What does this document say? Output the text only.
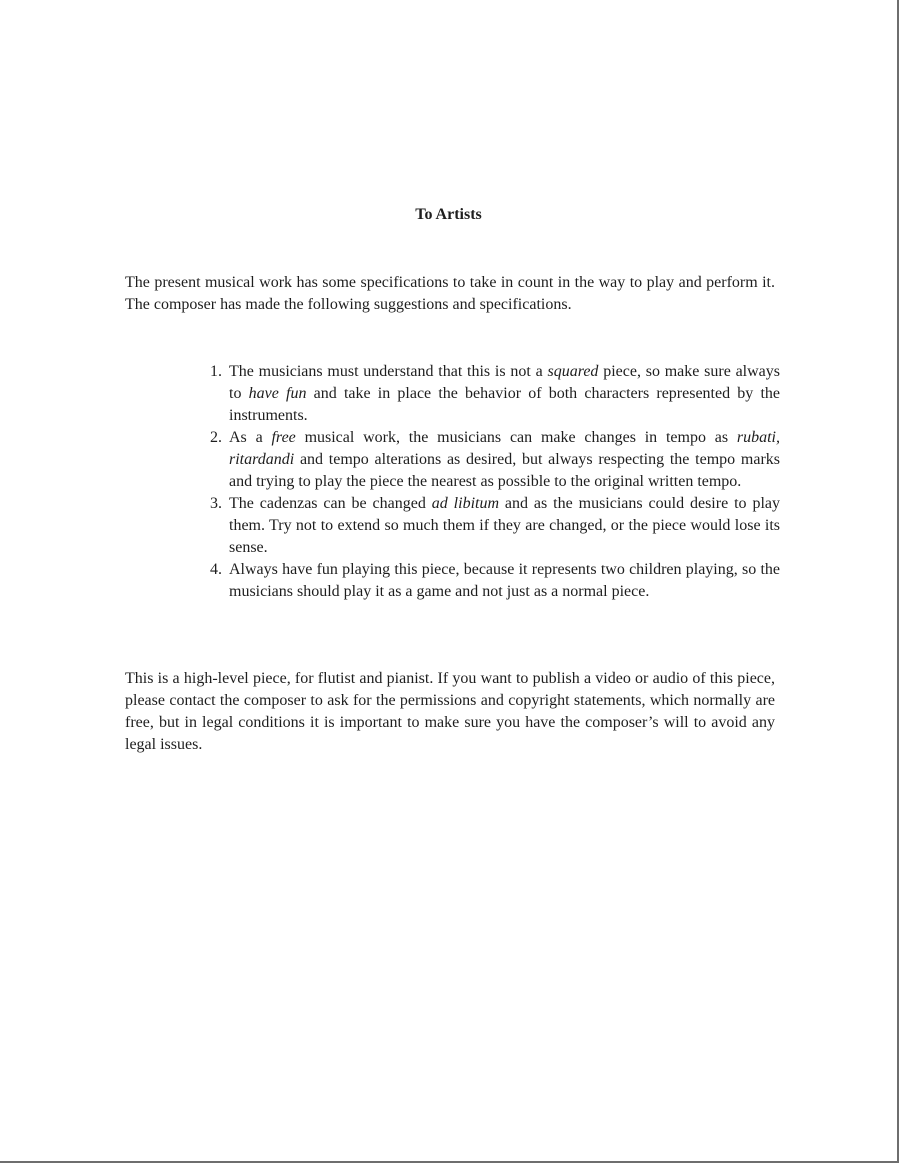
To Artists
The present musical work has some specifications to take in count in the way to play and perform it. The composer has made the following suggestions and specifications.
1. The musicians must understand that this is not a squared piece, so make sure always to have fun and take in place the behavior of both characters represented by the instruments.
2. As a free musical work, the musicians can make changes in tempo as rubati, ritardandi and tempo alterations as desired, but always respecting the tempo marks and trying to play the piece the nearest as possible to the original written tempo.
3. The cadenzas can be changed ad libitum and as the musicians could desire to play them. Try not to extend so much them if they are changed, or the piece would lose its sense.
4. Always have fun playing this piece, because it represents two children playing, so the musicians should play it as a game and not just as a normal piece.
This is a high-level piece, for flutist and pianist. If you want to publish a video or audio of this piece, please contact the composer to ask for the permissions and copyright statements, which normally are free, but in legal conditions it is important to make sure you have the composer’s will to avoid any legal issues.
